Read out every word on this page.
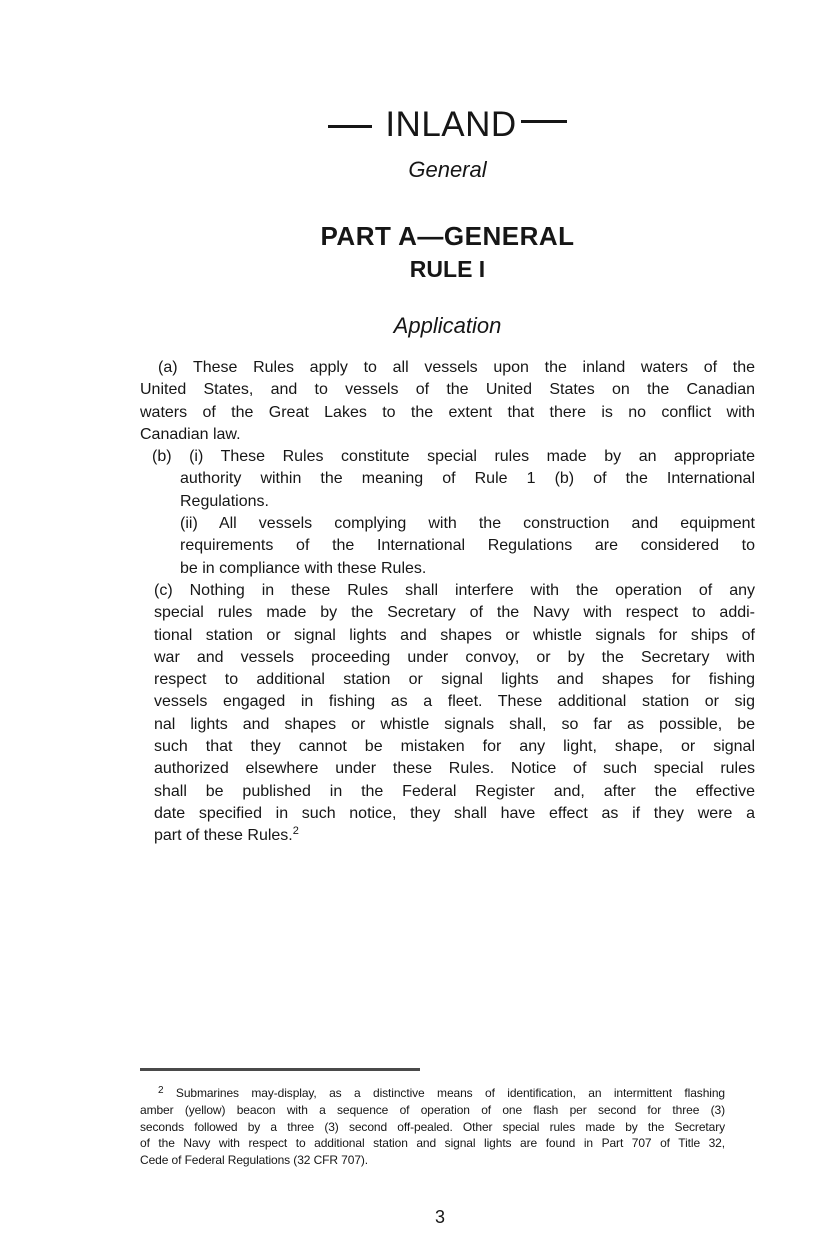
INLAND
General
PART A—GENERAL
RULE I
Application
(a) These Rules apply to all vessels upon the inland waters of the
United States, and to vessels of the United States on the Canadian
waters of the Great Lakes to the extent that there is no conflict with
Canadian law.
(b) (i) These Rules constitute special rules made by an appropriate
authority within the meaning of Rule 1 (b) of the International
Regulations.
(ii) All vessels complying with the construction and equipment
requirements of the International Regulations are considered to
be in compliance with these Rules.
(c) Nothing in these Rules shall interfere with the operation of any
special rules made by the Secretary of the Navy with respect to addi-
tional station or signal lights and shapes or whistle signals for ships of
war and vessels proceeding under convoy, or by the Secretary with
respect to additional station or signal lights and shapes for fishing
vessels engaged in fishing as a fleet. These additional station or sig
nal lights and shapes or whistle signals shall, so far as possible, be
such that they cannot be mistaken for any light, shape, or signal
authorized elsewhere under these Rules. Notice of such special rules
shall be published in the Federal Register and, after the effective
date specified in such notice, they shall have effect as if they were a
part of these Rules.$^2$
$^2$ Submarines may-display, as a distinctive means of identification, an intermittent flashing
amber (yellow) beacon with a sequence of operation of one flash per second for three (3)
seconds followed by a three (3) second off-pealed. Other special rules made by the Secretary
of the Navy with respect to additional station and signal lights are found in Part 707 of Title 32,
Cede of Federal Regulations (32 CFR 707).
3
